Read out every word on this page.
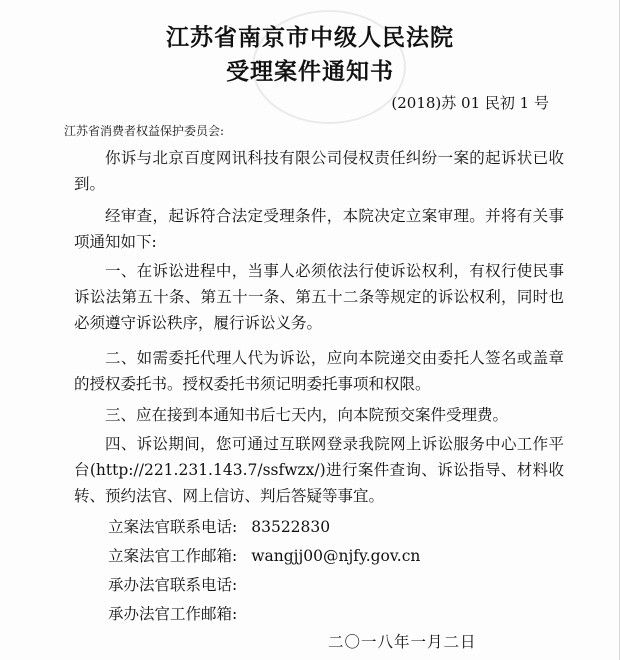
江苏省南京市中级人民法院
受理案件通知书
(2018)苏 01 民初 1 号
江苏省消费者权益保护委员会:
你诉与北京百度网讯科技有限公司侵权责任纠纷一案的起诉状已收到。
经审查，起诉符合法定受理条件，本院决定立案审理。并将有关事项通知如下:
一、在诉讼进程中，当事人必须依法行使诉讼权利，有权行使民事诉讼法第五十条、第五十一条、第五十二条等规定的诉讼权利，同时也必须遵守诉讼秩序，履行诉讼义务。
二、如需委托代理人代为诉讼，应向本院递交由委托人签名或盖章的授权委托书。授权委托书须记明委托事项和权限。
三、应在接到本通知书后七天内，向本院预交案件受理费。
四、诉讼期间，您可通过互联网登录我院网上诉讼服务中心工作平台(http://221.231.143.7/ssfwzx/)进行案件查询、诉讼指导、材料收转、预约法官、网上信访、判后答疑等事宜。
立案法官联系电话: 83522830
立案法官工作邮箱: wangjj00@njfy.gov.cn
承办法官联系电话:
承办法官工作邮箱:
二〇一八年一月二日
